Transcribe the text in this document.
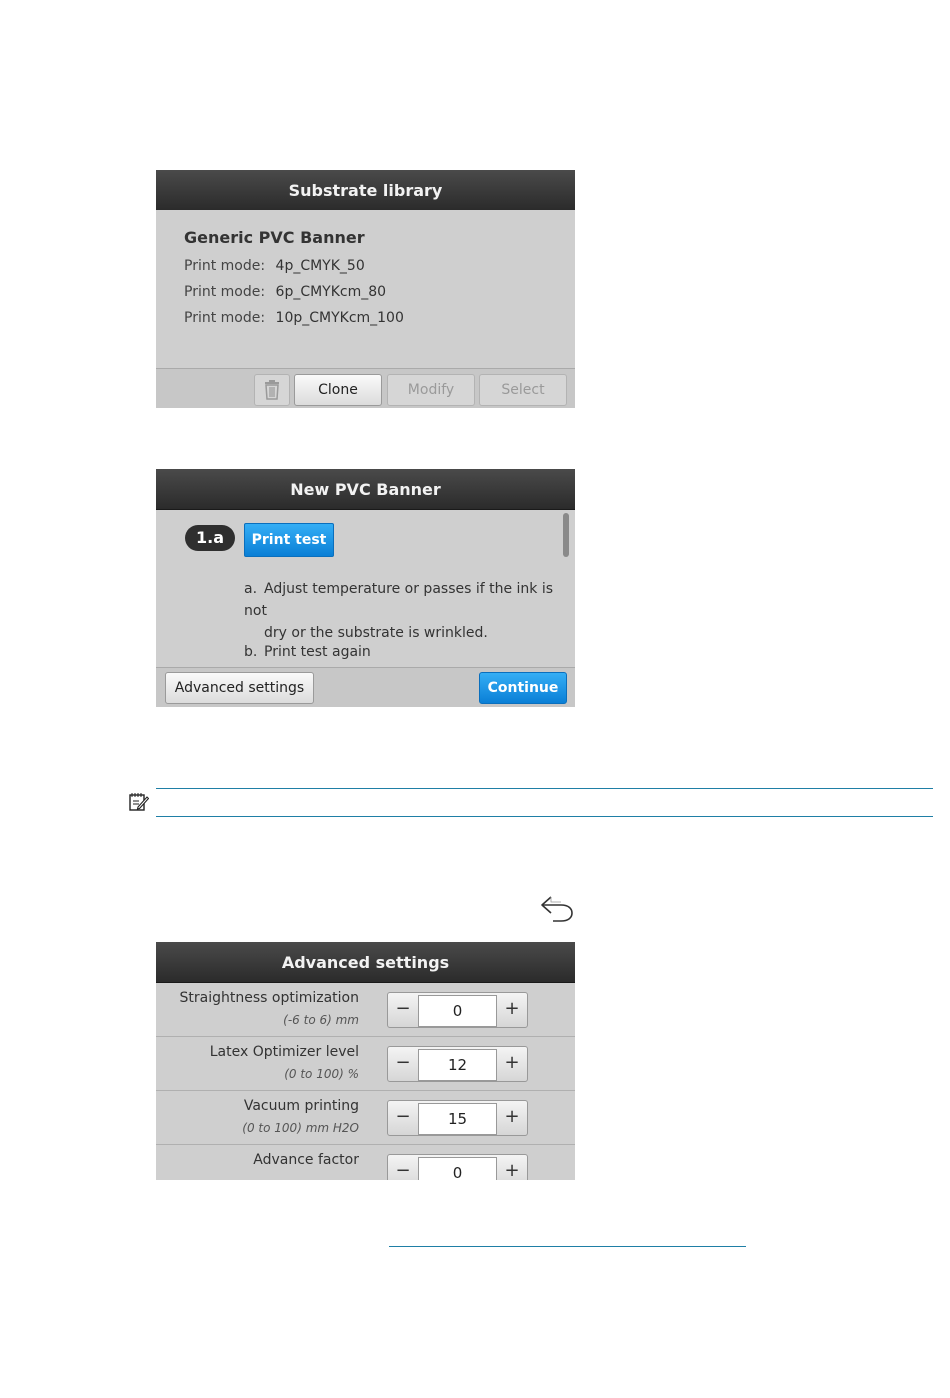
Substrate library
Generic PVC Banner
Print mode: 4p_CMYK_50
Print mode: 6p_CMYKcm_80
Print mode: 10p_CMYKcm_100
Clone	Modify	Select
New PVC Banner
1.a	Print test
a. Adjust temperature or passes if the ink is not
dry or the substrate is wrinkled.
b. Print test again
Advanced settings	Continue
Advanced settings
Straightness optimization
(-6 to 6) mm
−	0	+
Latex Optimizer level
(0 to 100) %
−	12	+
Vacuum printing
(0 to 100) mm H2O
−	15	+
Advance factor	−	0	+
